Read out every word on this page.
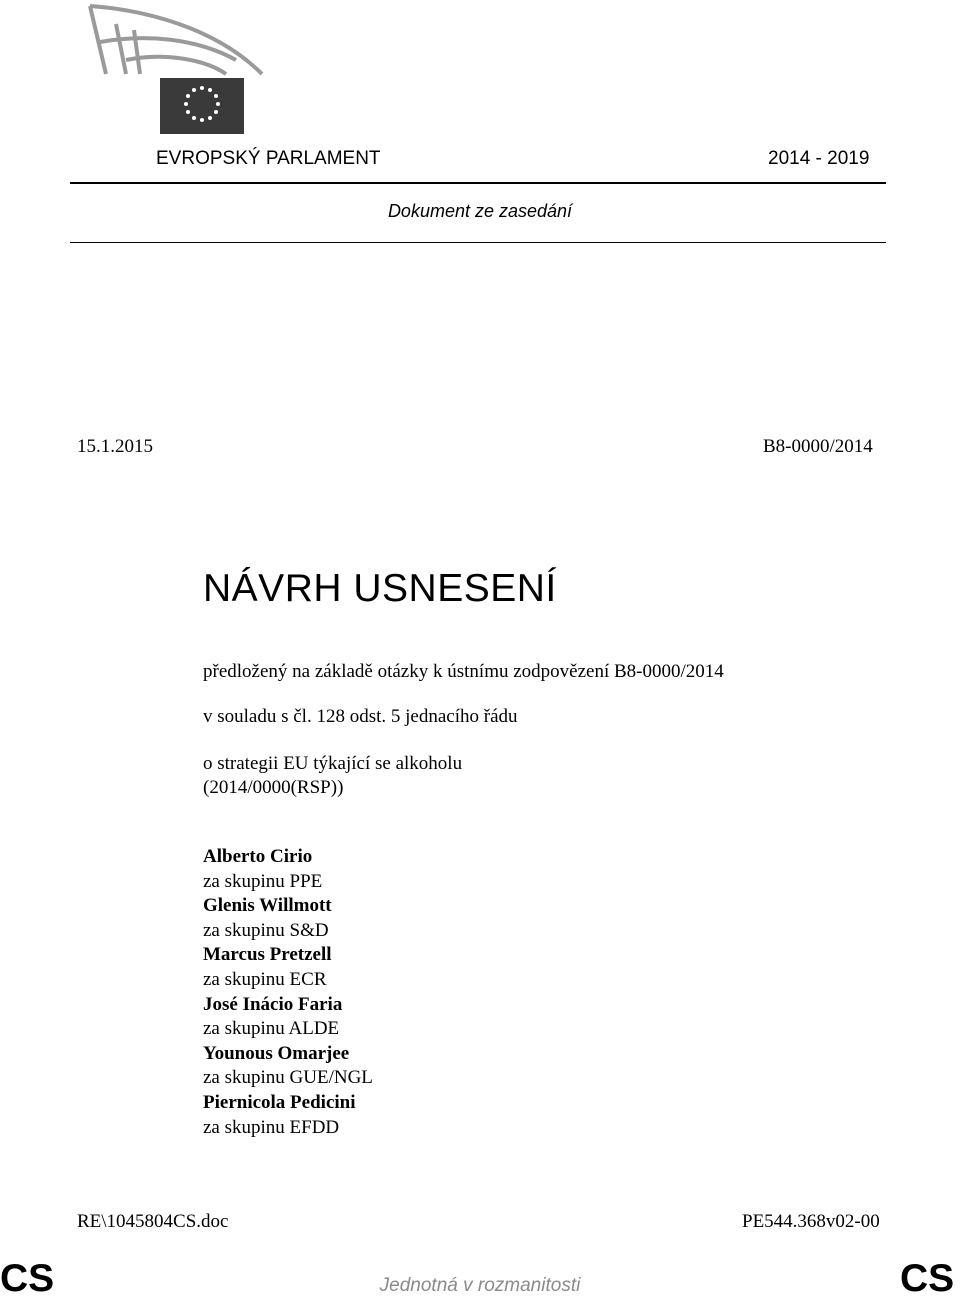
EVROPSKÝ PARLAMENT	2014 - 2019
Dokument ze zasedání
15.1.2015	B8-0000/2014
NÁVRH USNESENÍ
předložený na základě otázky k ústnímu zodpovězení B8-0000/2014
v souladu s čl. 128 odst. 5 jednacího řádu
o strategii EU týkající se alkoholu
(2014/0000(RSP))
Alberto Cirio
za skupinu PPE
Glenis Willmott
za skupinu S&D
Marcus Pretzell
za skupinu ECR
José Inácio Faria
za skupinu ALDE
Younous Omarjee
za skupinu GUE/NGL
Piernicola Pedicini
za skupinu EFDD
RE\1045804CS.doc	PE544.368v02-00
CS	Jednotná v rozmanitosti	CS
